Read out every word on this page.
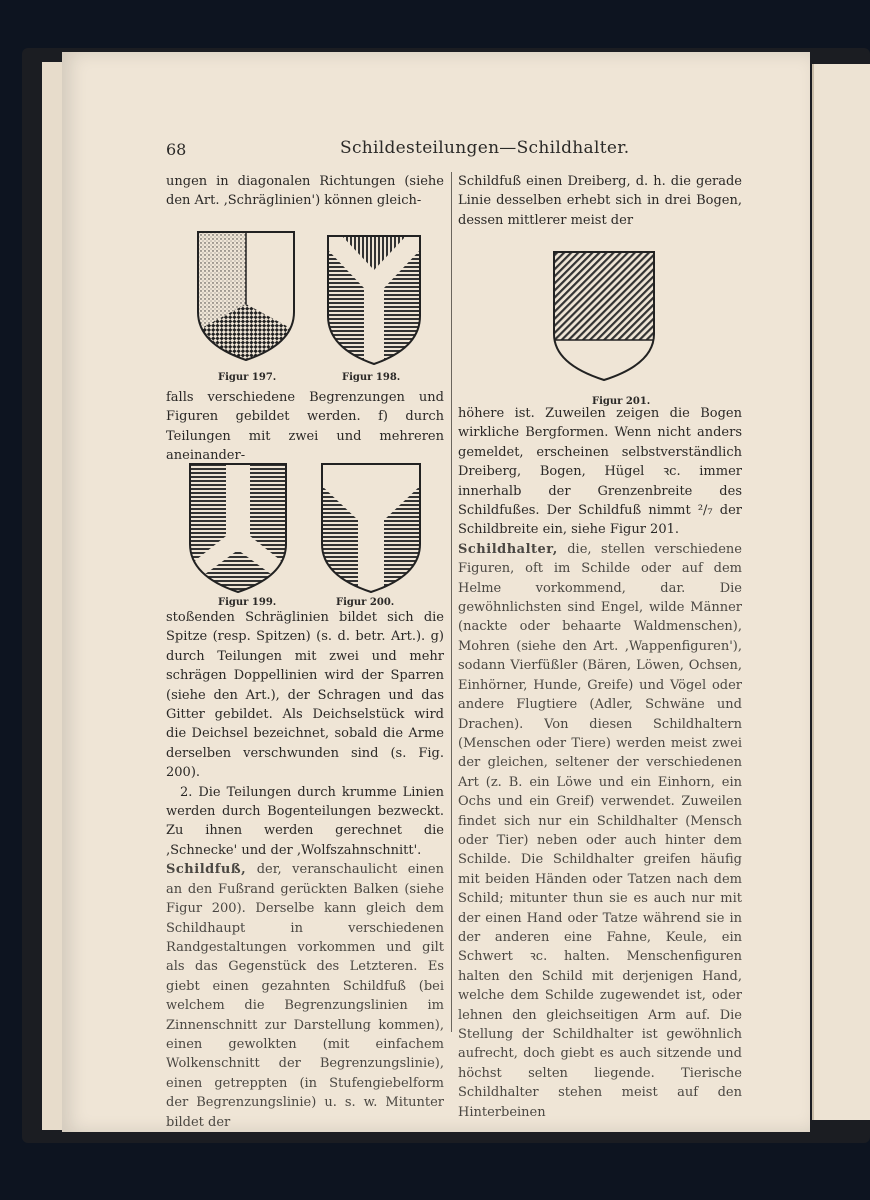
68	Schildesteilungen—Schildhalter.

ungen in diagonalen Richtungen (siehe den Art. ‚Schräglinien') können gleich-

Figur 197.	Figur 198.

falls verschiedene Begrenzungen und Figuren gebildet werden. f) durch Teilungen mit zwei und mehreren aneinander-

Figur 199.	Figur 200.

stoßenden Schräglinien bildet sich die Spitze (resp. Spitzen) (s. d. betr. Art.). g) durch Teilungen mit zwei und mehr schrägen Doppellinien wird der Sparren (siehe den Art.), der Schragen und das Gitter gebildet. Als Deichselstück wird die Deichsel bezeichnet, sobald die Arme derselben verschwunden sind (s. Fig. 200).

2. Die Teilungen durch krumme Linien werden durch Bogenteilungen bezweckt. Zu ihnen werden gerechnet die ‚Schnecke' und der ‚Wolfszahnschnitt'.

Schildfuß, der, veranschaulicht einen an den Fußrand gerückten Balken (siehe Figur 200). Derselbe kann gleich dem Schildhaupt in verschiedenen Randgestaltungen vorkommen und gilt als das Gegenstück des Letzteren. Es giebt einen gezahnten Schildfuß (bei welchem die Begrenzungslinien im Zinnenschnitt zur Darstellung kommen), einen gewolkten (mit einfachem Wolkenschnitt der Begrenzungslinie), einen getreppten (in Stufengiebelform der Begrenzungslinie) u. s. w. Mitunter bildet der

Schildfuß einen Dreiberg, d. h. die gerade Linie desselben erhebt sich in drei Bogen, dessen mittlerer meist der

Figur 201.

höhere ist. Zuweilen zeigen die Bogen wirkliche Bergformen. Wenn nicht anders gemeldet, erscheinen selbstverständlich Dreiberg, Bogen, Hügel ꝛc. immer innerhalb der Grenzenbreite des Schildfußes. Der Schildfuß nimmt ²/₇ der Schildbreite ein, siehe Figur 201.

Schildhalter, die, stellen verschiedene Figuren, oft im Schilde oder auf dem Helme vorkommend, dar. Die gewöhnlichsten sind Engel, wilde Männer (nackte oder behaarte Waldmenschen), Mohren (siehe den Art. ‚Wappenfiguren'), sodann Vierfüßler (Bären, Löwen, Ochsen, Einhörner, Hunde, Greife) und Vögel oder andere Flugtiere (Adler, Schwäne und Drachen). Von diesen Schildhaltern (Menschen oder Tiere) werden meist zwei der gleichen, seltener der verschiedenen Art (z. B. ein Löwe und ein Einhorn, ein Ochs und ein Greif) verwendet. Zuweilen findet sich nur ein Schildhalter (Mensch oder Tier) neben oder auch hinter dem Schilde. Die Schildhalter greifen häufig mit beiden Händen oder Tatzen nach dem Schild; mitunter thun sie es auch nur mit der einen Hand oder Tatze während sie in der anderen eine Fahne, Keule, ein Schwert ꝛc. halten. Menschenfiguren halten den Schild mit derjenigen Hand, welche dem Schilde zugewendet ist, oder lehnen den gleichseitigen Arm auf. Die Stellung der Schildhalter ist gewöhnlich aufrecht, doch giebt es auch sitzende und höchst selten liegende. Tierische Schildhalter stehen meist auf den Hinterbeinen
